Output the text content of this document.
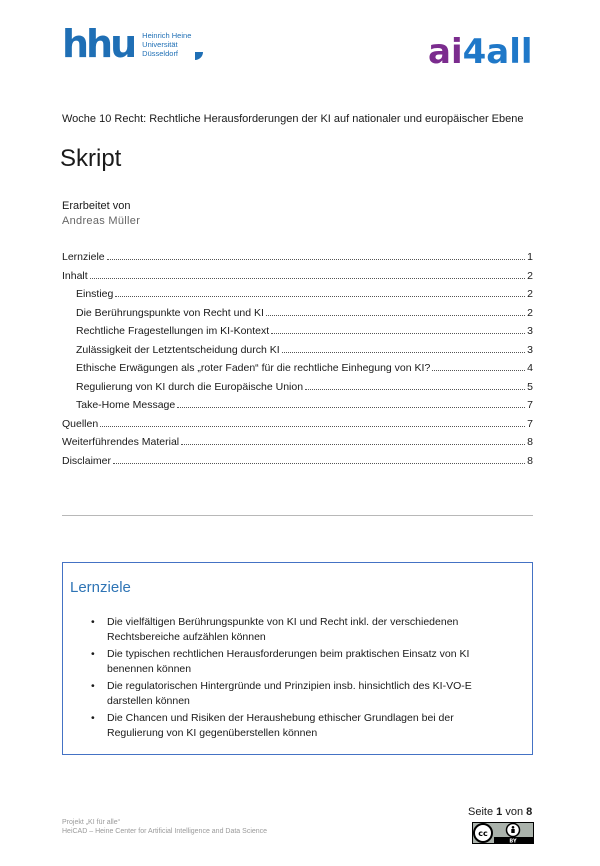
hhu Heinrich Heine
Universität
Düsseldorf	ai4all
Woche 10 Recht: Rechtliche Herausforderungen der KI auf nationaler und europäischer Ebene
Skript
Erarbeitet von
Andreas Müller
Lernziele	1
Inhalt	2
Einstieg	2
Die Berührungspunkte von Recht und KI	2
Rechtliche Fragestellungen im KI-Kontext	3
Zulässigkeit der Letztentscheidung durch KI	3
Ethische Erwägungen als „roter Faden“ für die rechtliche Einhegung von KI?	4
Regulierung von KI durch die Europäische Union	5
Take-Home Message	7
Quellen	7
Weiterführendes Material	8
Disclaimer	8
Lernziele
• Die vielfältigen Berührungspunkte von KI und Recht inkl. der verschiedenen Rechtsbereiche aufzählen können
• Die typischen rechtlichen Herausforderungen beim praktischen Einsatz von KI benennen können
• Die regulatorischen Hintergründe und Prinzipien insb. hinsichtlich des KI-VO-E darstellen können
• Die Chancen und Risiken der Heraushebung ethischer Grundlagen bei der Regulierung von KI gegenüberstellen können
Projekt „KI für alle“
HeiCAD – Heine Center for Artificial Intelligence and Data Science
Seite 1 von 8
cc
BY
